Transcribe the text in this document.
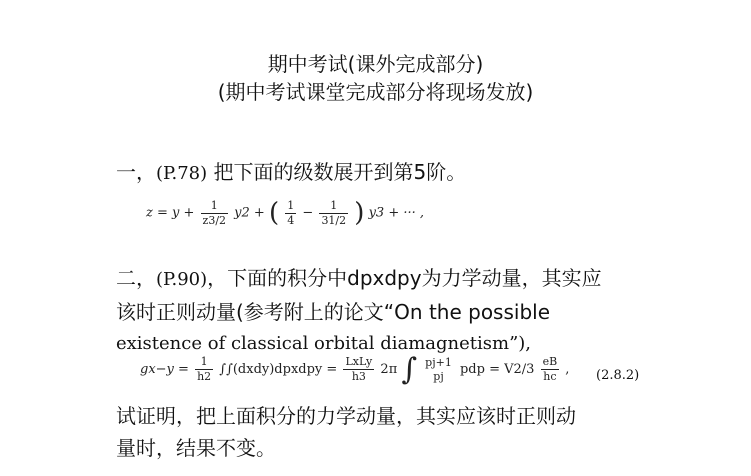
期中考试(课外完成部分)
(期中考试课堂完成部分将现场发放)
一，(P.78) 把下面的级数展开到第5阶。
$z = y + \frac{1}{z3/2} y2$ + ( $\frac{1}{4} - \frac{1}{31/2}$ ) y3 + ··· ,
二，(P.90)，下面的积分中dpxdpy为力学动量，其实应
该时正则动量(参考附上的论文“On the possible
existence of classical orbital diamagnetism”),
$gx-y = \frac{1}{h2}$ ∫∫(dxdy)dpxdpy = $\frac{\text{LxLy}}{h3} 2\pi$ ∫ pj+1
pj	pdp = $V2/3 \frac{eB}{hc}$ , (2.8.2)
试证明，把上面积分的力学动量，其实应该时正则动
量时，结果不变。
